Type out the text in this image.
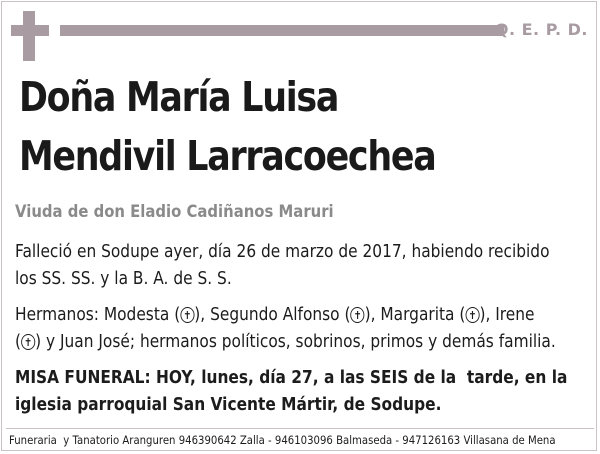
Q. E. P. D.
Doña María Luisa
Mendivil Larracoechea
Viuda de don Eladio Cadiñanos Maruri
Falleció en Sodupe ayer, día 26 de marzo de 2017, habiendo recibido
los SS. SS. y la B. A. de S. S.
Hermanos: Modesta ( ✝ ), Segundo Alfonso ( ✝ ), Margarita ( ✝ ), Irene
( ✝ ) y Juan José; hermanos políticos, sobrinos, primos y demás familia.
MISA FUNERAL: HOY, lunes, día 27, a las SEIS de la  tarde, en la
iglesia parroquial San Vicente Mártir, de Sodupe.
Funeraria  y Tanatorio Aranguren 946390642 Zalla - 946103096 Balmaseda - 947126163 Villasana de Mena
